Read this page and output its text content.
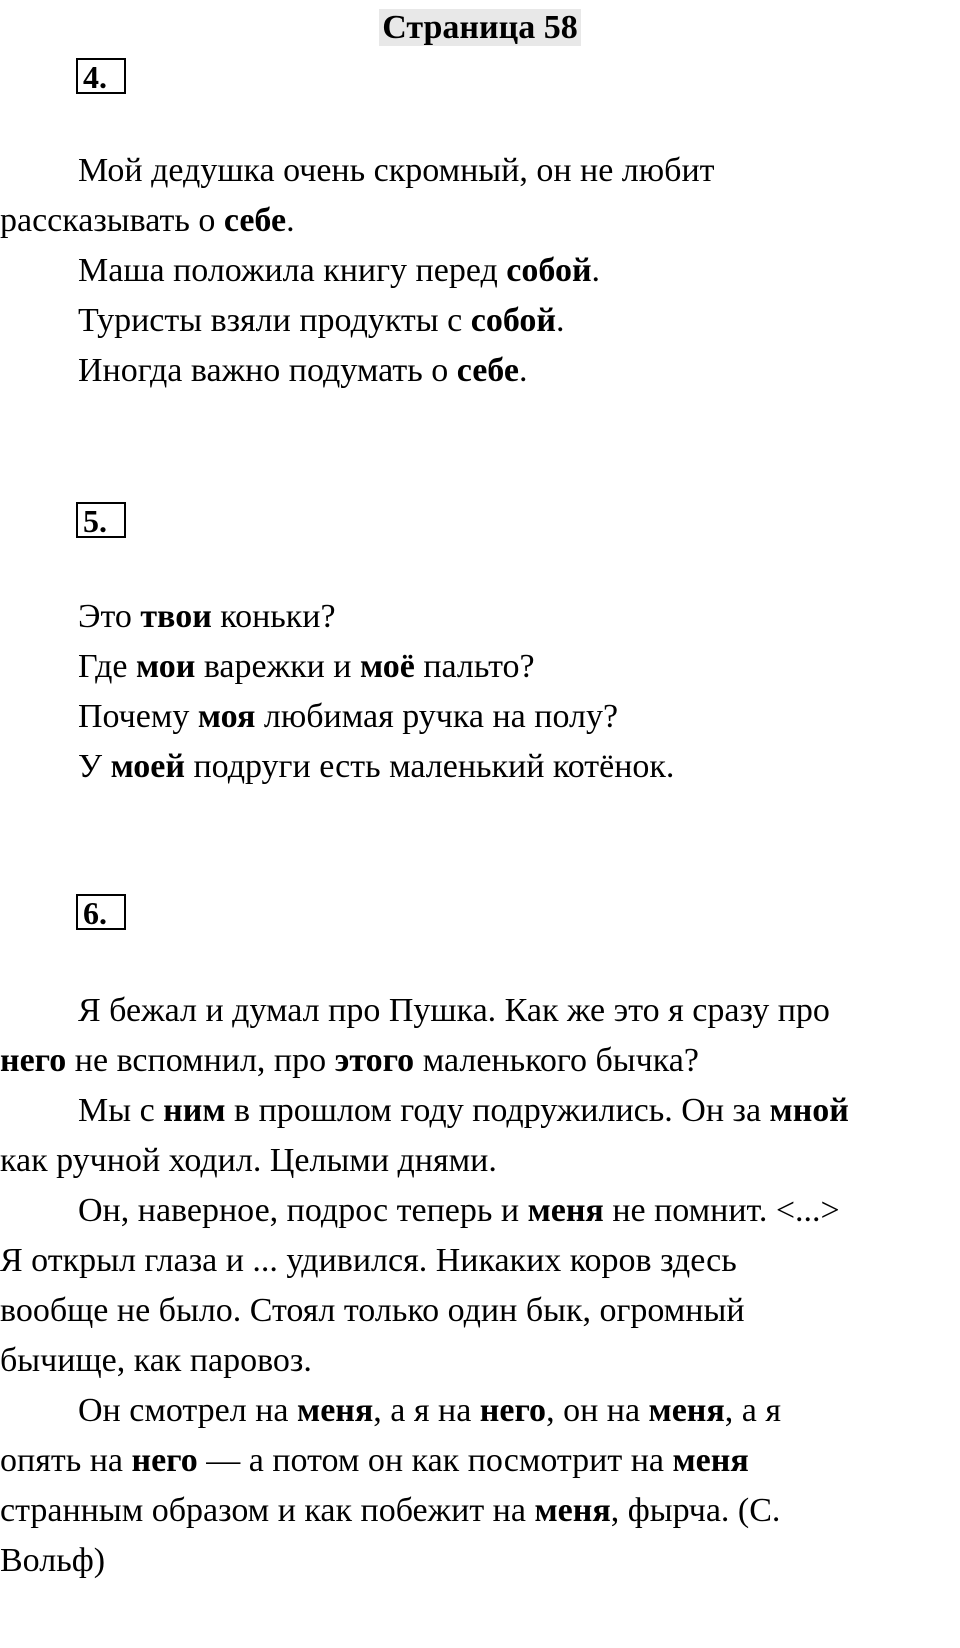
Страница 58
4.

Мой дедушка очень скромный, он не любит
рассказывать о себе.

Маша положила книгу перед собой.

Туристы взяли продукты с собой.

Иногда важно подумать о себе.

5.

Это твои коньки?

Где мои варежки и моё пальто?

Почему моя любимая ручка на полу?

У моей подруги есть маленький котёнок.

6.

Я бежал и думал про Пушка. Как же это я сразу про
него не вспомнил, про этого маленького бычка?

Мы с ним в прошлом году подружились. Он за мной
как ручной ходил. Целыми днями.

Он, наверное, подрос теперь и меня не помнит. <...>
Я открыл глаза и ... удивился. Никаких коров здесь
вообще не было. Стоял только один бык, огромный
бычище, как паровоз.

Он смотрел на меня, а я на него, он на меня, а я
опять на него — а потом он как посмотрит на меня
странным образом и как побежит на меня, фырча. (С.
Вольф)
